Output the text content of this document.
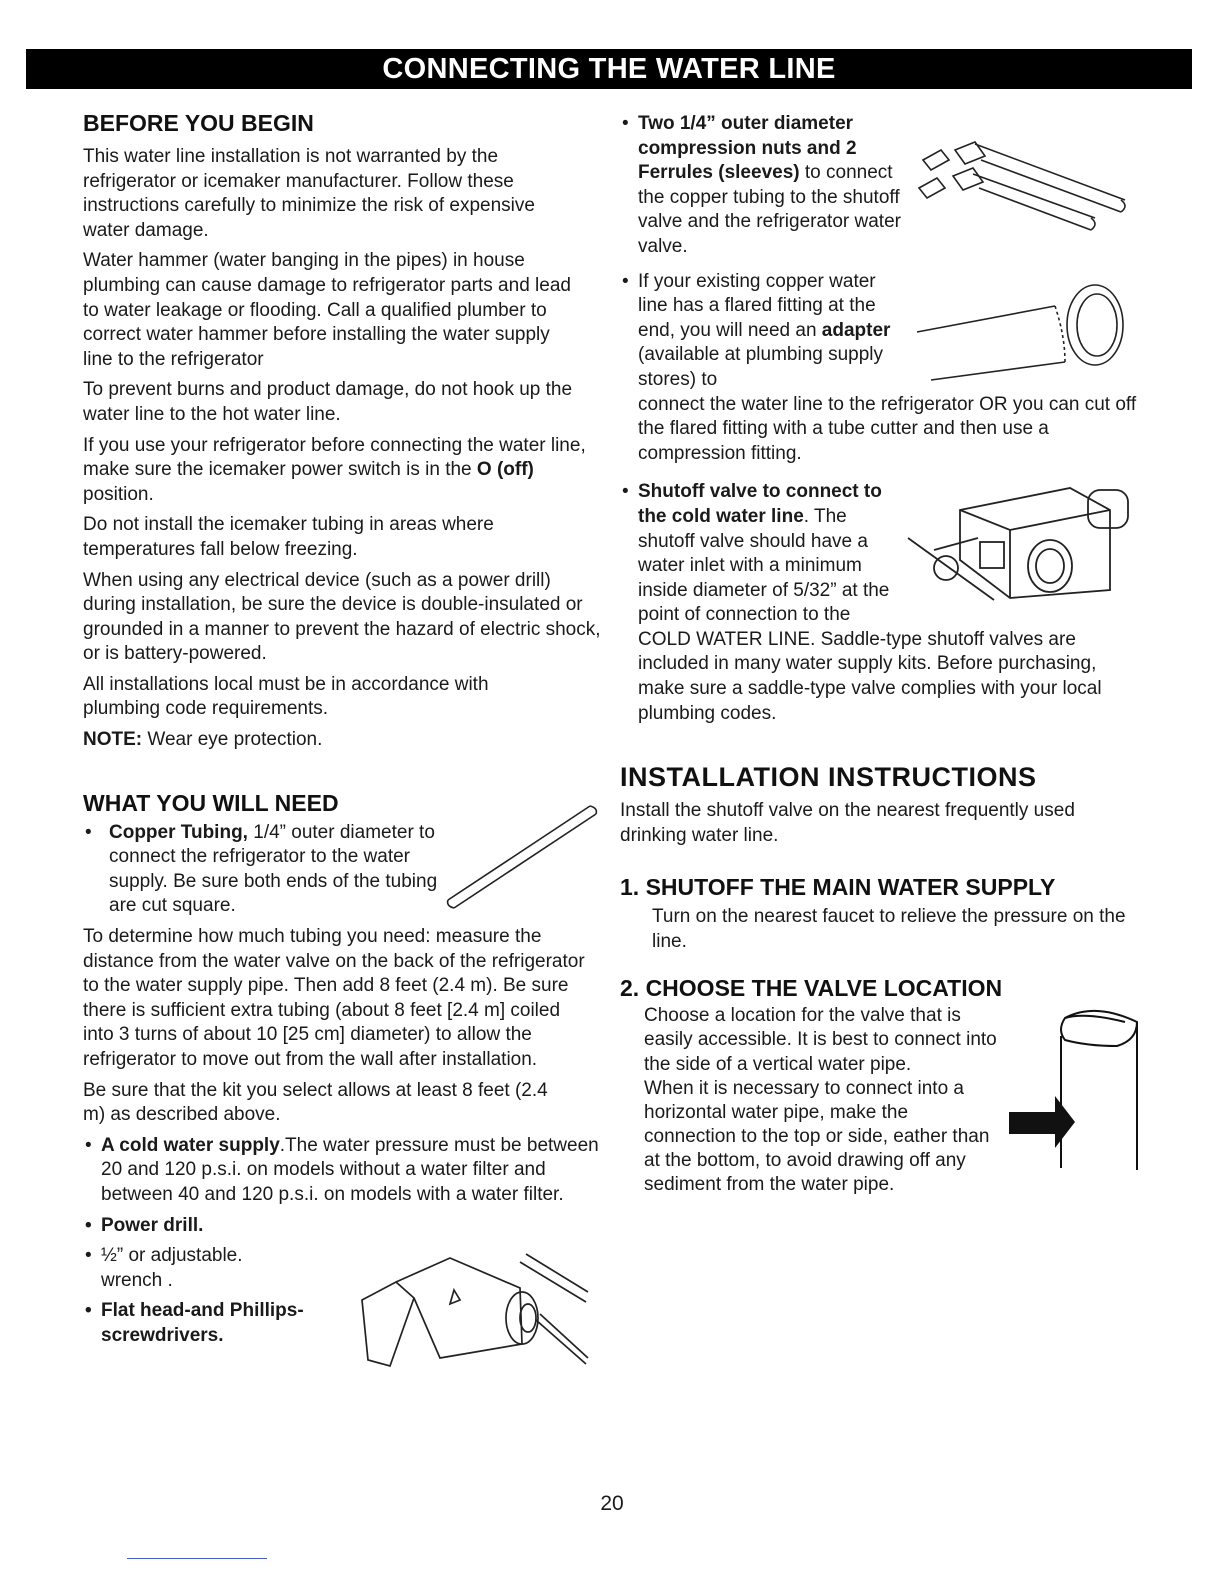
CONNECTING THE WATER LINE
BEFORE YOU BEGIN

This water line installation is not warranted by the refrigerator or icemaker manufacturer. Follow these instructions carefully to minimize the risk of expensive water damage.

Water hammer (water banging in the pipes) in house plumbing can cause damage to refrigerator parts and lead to water leakage or flooding. Call a qualified plumber to correct water hammer before installing the water supply line to the refrigerator

To prevent burns and product damage, do not hook up the water line to the hot water line.

If you use your refrigerator before connecting the water line, make sure the icemaker power switch is in the O (off) position.

Do not install the icemaker tubing in areas where temperatures fall below freezing.

When using any electrical device (such as a power drill) during installation, be sure the device is double-insulated or grounded in a manner to prevent the hazard of electric shock, or is battery-powered.

All installations local must be in accordance with plumbing code requirements.

NOTE: Wear eye protection.

WHAT YOU WILL NEED

• Copper Tubing, 1/4” outer diameter to connect the refrigerator to the water supply. Be sure both ends of the tubing are cut square.

To determine how much tubing you need: measure the distance from the water valve on the back of the refrigerator to the water supply pipe. Then add 8 feet (2.4 m). Be sure there is sufficient extra tubing (about 8 feet [2.4 m] coiled into 3 turns of about 10 [25 cm] diameter) to allow the refrigerator to move out from the wall after installation.

Be sure that the kit you select allows at least 8 feet (2.4 m) as described above.

• A cold water supply.The water pressure must be between 20 and 120 p.s.i. on models without a water filter and between 40 and 120 p.s.i. on models with a water filter.

• Power drill.

• ½” or adjustable. wrench .

• Flat head-and Phillips-screwdrivers.

• Two 1/4” outer diameter compression nuts and 2 Ferrules (sleeves) to connect the copper tubing to the shutoff valve and the refrigerator water valve.

• If your existing copper water line has a flared fitting at the end, you will need an adapter (available at plumbing supply stores) to

connect the water line to the refrigerator OR you can cut off the flared fitting with a tube cutter and then use a compression fitting.

• Shutoff valve to connect to the cold water line. The shutoff valve should have a water inlet with a minimum inside diameter of 5/32” at the point of connection to the

COLD WATER LINE. Saddle-type shutoff valves are included in many water supply kits. Before purchasing, make sure a saddle-type valve complies with your local plumbing codes.

INSTALLATION INSTRUCTIONS

Install the shutoff valve on the nearest frequently used drinking water line.

1. SHUTOFF THE MAIN WATER SUPPLY

Turn on the nearest faucet to relieve the pressure on the line.

2. CHOOSE THE VALVE LOCATION

Choose a location for the valve that is easily accessible. It is best to connect into the side of a vertical water pipe.

When it is necessary to connect into a horizontal water pipe, make the connection to the top or side, eather than at the bottom, to avoid drawing off any sediment from the water pipe.

20
